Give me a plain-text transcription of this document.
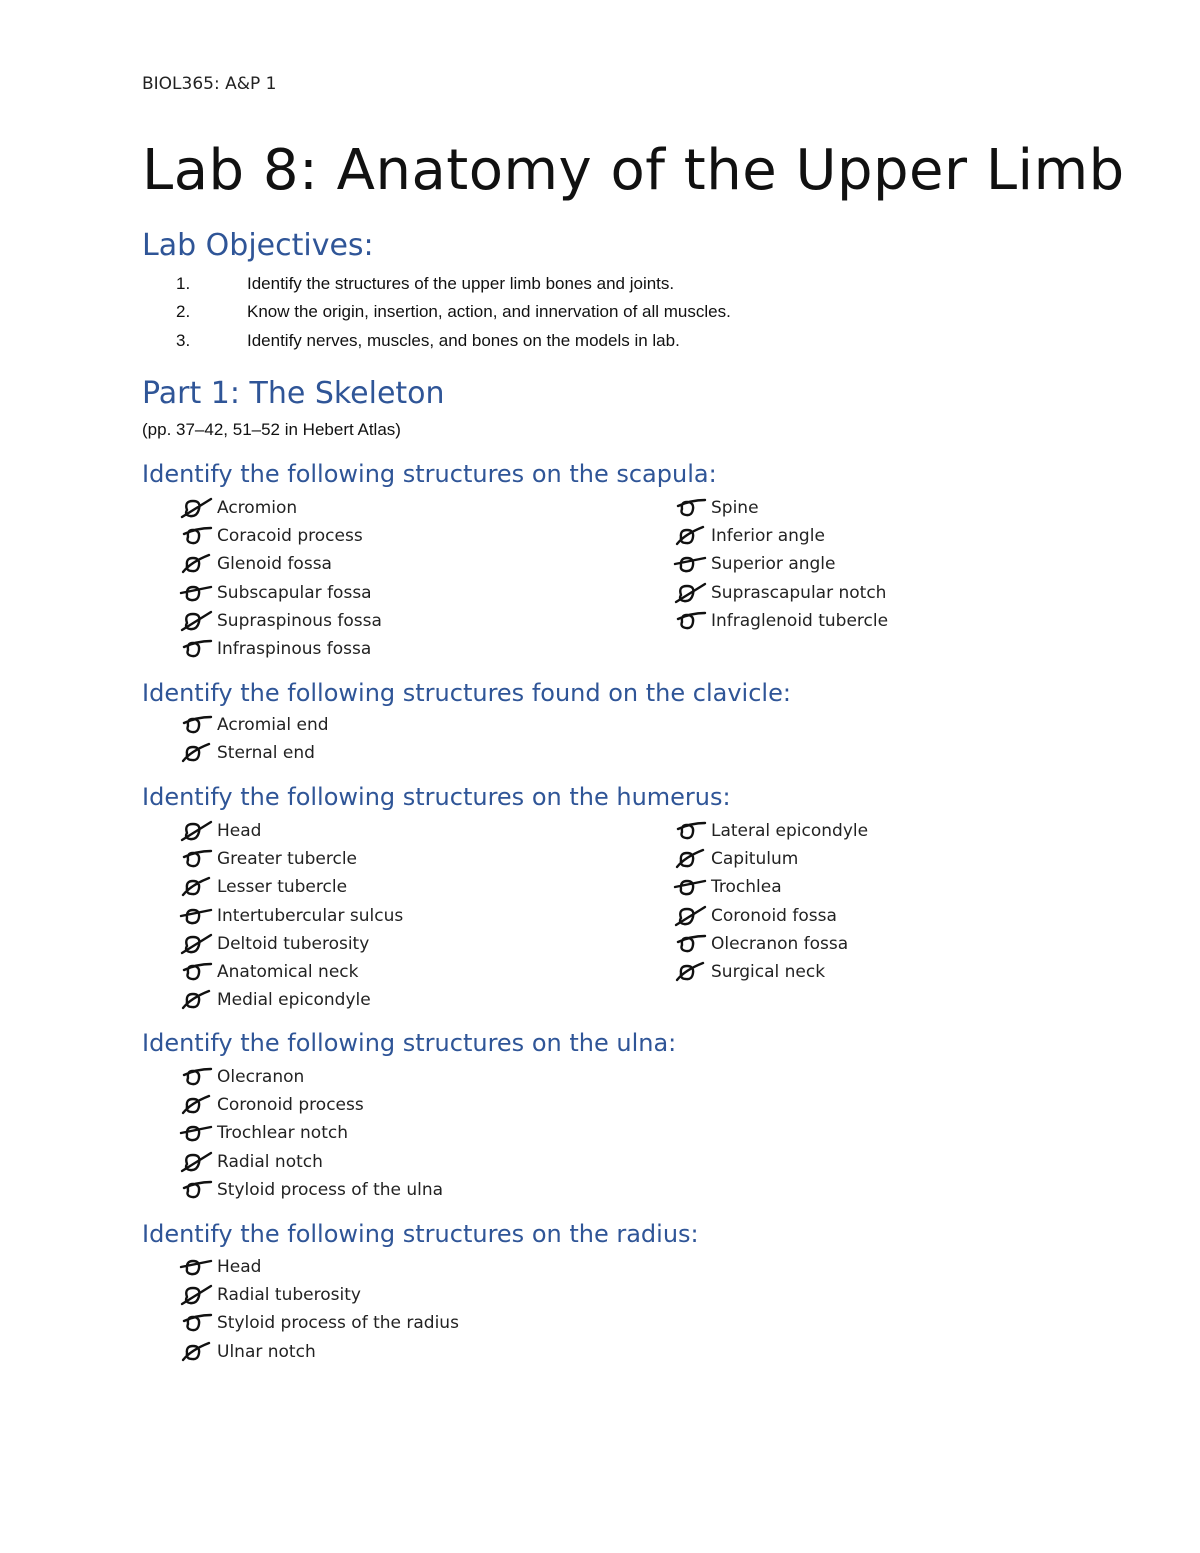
BIOL365: A&P 1
Lab 8: Anatomy of the Upper Limb
Lab Objectives:
1.	Identify the structures of the upper limb bones and joints.
2.	Know the origin, insertion, action, and innervation of all muscles.
3.	Identify nerves, muscles, and bones on the models in lab.
Part 1: The Skeleton
(pp. 37–42, 51–52 in Hebert Atlas)
Identify the following structures on the scapula:
Acromion
Coracoid process
Glenoid fossa
Subscapular fossa
Supraspinous fossa
Infraspinous fossa
Spine
Inferior angle
Superior angle
Suprascapular notch
Infraglenoid tubercle
Identify the following structures found on the clavicle:
Acromial end
Sternal end
Identify the following structures on the humerus:
Head
Greater tubercle
Lesser tubercle
Intertubercular sulcus
Deltoid tuberosity
Anatomical neck
Medial epicondyle
Lateral epicondyle
Capitulum
Trochlea
Coronoid fossa
Olecranon fossa
Surgical neck
Identify the following structures on the ulna:
Olecranon
Coronoid process
Trochlear notch
Radial notch
Styloid process of the ulna
Identify the following structures on the radius:
Head
Radial tuberosity
Styloid process of the radius
Ulnar notch
